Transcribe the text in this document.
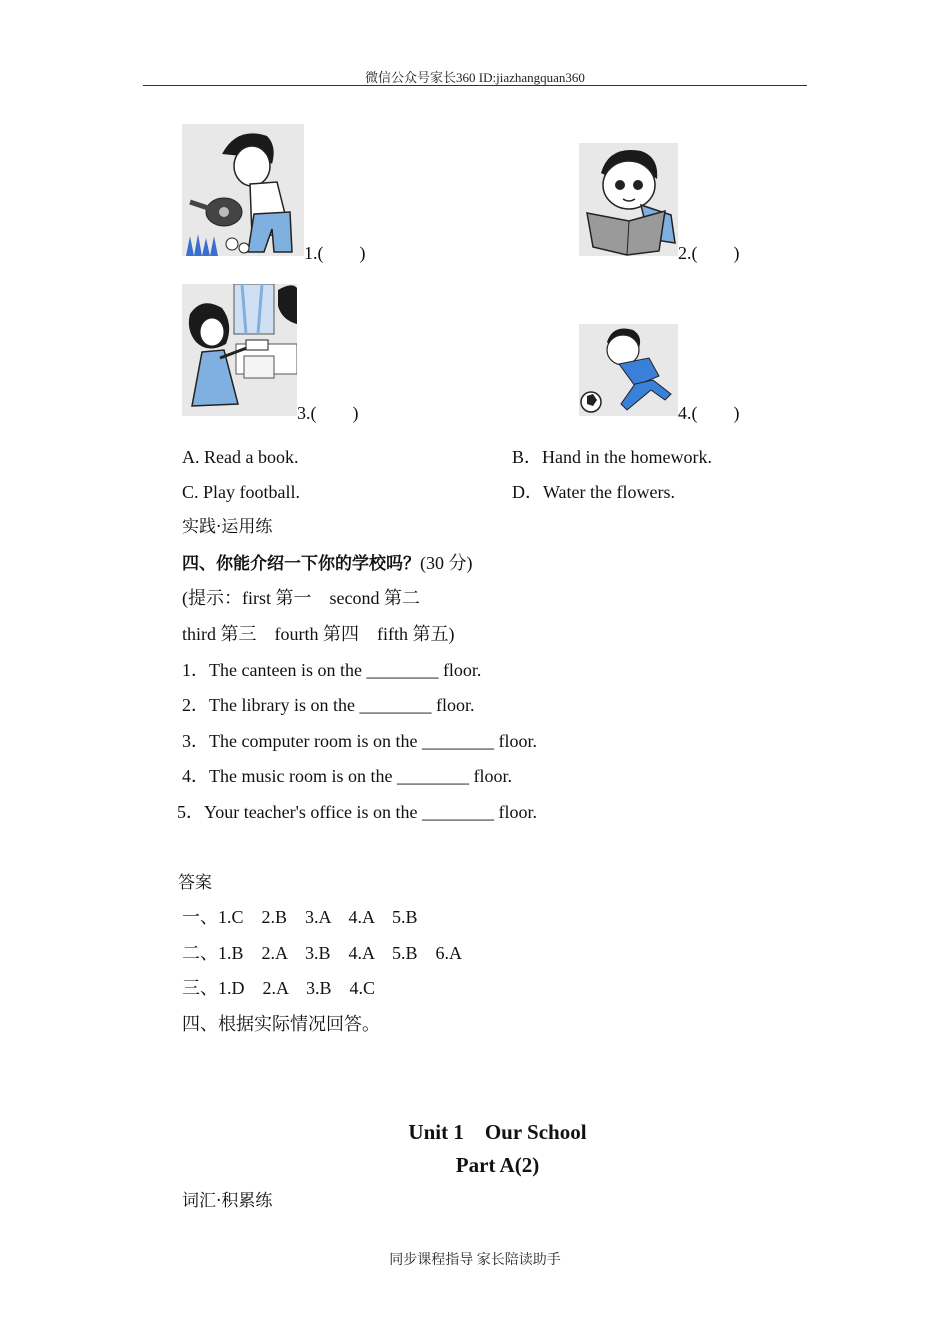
微信公众号家长360 ID:jiazhangquan360
1.(　　)	2.(　　)
3.(　　)	4.(　　)
A. Read a book.	B．Hand in the homework.
C. Play football.	D．Water the flowers.
实践·运用练
四、你能介绍一下你的学校吗？(30 分)
(提示：first 第一　second 第二
third 第三　fourth 第四　fifth 第五)
1．The canteen is on the ________ floor.
2．The library is on the ________ floor.
3．The computer room is on the ________ floor.
4．The music room is on the ________ floor.
5．Your teacher's office is on the ________ floor.
答案
一、1.C　2.B　3.A　4.A　5.B
二、1.B　2.A　3.B　4.A　5.B　6.A
三、1.D　2.A　3.B　4.C
四、根据实际情况回答。
Unit 1　Our School
Part A(2)
词汇·积累练
同步课程指导 家长陪读助手
